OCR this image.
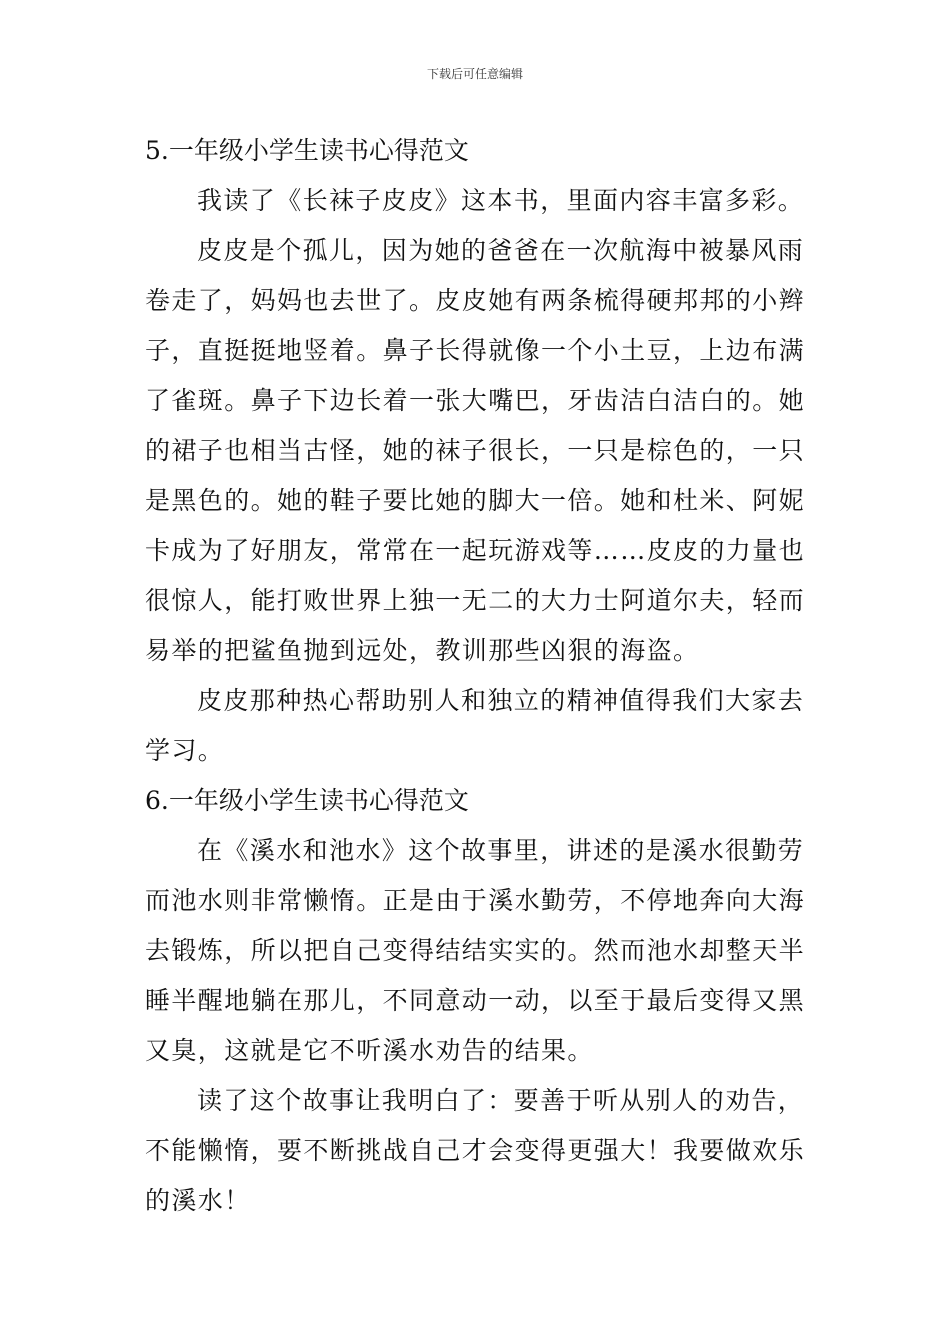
下载后可任意编辑
5.一年级小学生读书心得范文

我读了《长袜子皮皮》这本书，里面内容丰富多彩。

皮皮是个孤儿，因为她的爸爸在一次航海中被暴风雨卷走了，妈妈也去世了。皮皮她有两条梳得硬邦邦的小辫子，直挺挺地竖着。鼻子长得就像一个小土豆，上边布满了雀斑。鼻子下边长着一张大嘴巴，牙齿洁白洁白的。她的裙子也相当古怪，她的袜子很长，一只是棕色的，一只是黑色的。她的鞋子要比她的脚大一倍。她和杜米、阿妮卡成为了好朋友，常常在一起玩游戏等……皮皮的力量也很惊人，能打败世界上独一无二的大力士阿道尔夫，轻而易举的把鲨鱼抛到远处，教训那些凶狠的海盗。

皮皮那种热心帮助别人和独立的精神值得我们大家去学习。

6.一年级小学生读书心得范文

在《溪水和池水》这个故事里，讲述的是溪水很勤劳而池水则非常懒惰。正是由于溪水勤劳，不停地奔向大海去锻炼，所以把自己变得结结实实的。然而池水却整天半睡半醒地躺在那儿，不同意动一动，以至于最后变得又黑又臭，这就是它不听溪水劝告的结果。

读了这个故事让我明白了：要善于听从别人的劝告，不能懒惰，要不断挑战自己才会变得更强大！我要做欢乐的溪水！
